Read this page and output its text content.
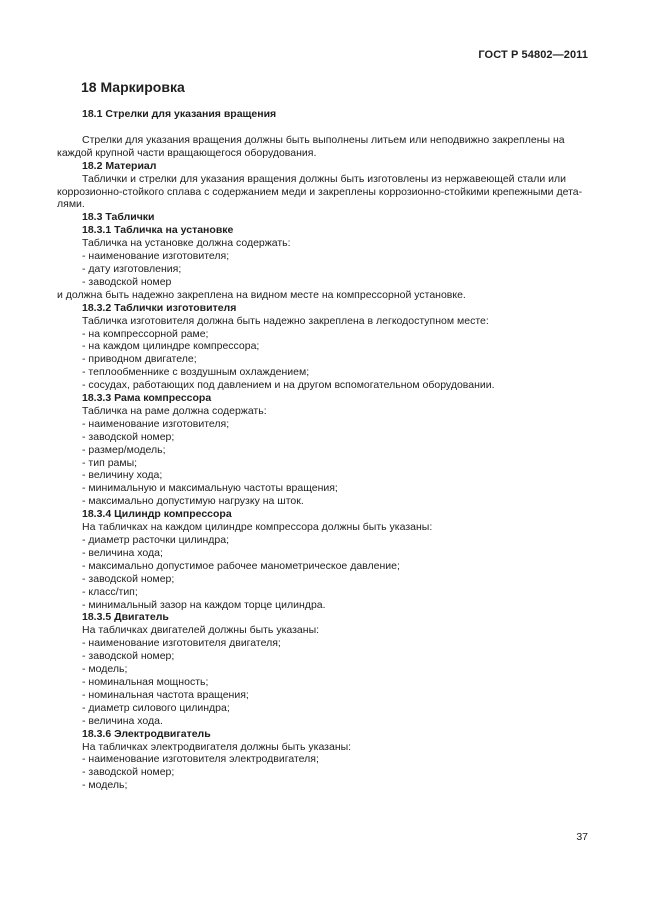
ГОСТ Р 54802—2011
18 Маркировка

18.1 Стрелки для указания вращения

Стрелки для указания вращения должны быть выполнены литьем или неподвижно закреплены на

каждой крупной части вращающегося оборудования.

18.2 Материал

Таблички и стрелки для указания вращения должны быть изготовлены из нержавеющей стали или

коррозионно-стойкого сплава с содержанием меди и закреплены коррозионно-стойкими крепежными дета-

лями.

18.3 Таблички

18.3.1 Табличка на установке

Табличка на установке должна содержать:

- наименование изготовителя;

- дату изготовления;

- заводской номер

и должна быть надежно закреплена на видном месте на компрессорной установке.

18.3.2 Таблички изготовителя

Табличка изготовителя должна быть надежно закреплена в легкодоступном месте:

- на компрессорной раме;

- на каждом цилиндре компрессора;

- приводном двигателе;

- теплообменнике с воздушным охлаждением;

- сосудах, работающих под давлением и на другом вспомогательном оборудовании.

18.3.3 Рама компрессора

Табличка на раме должна содержать:

- наименование изготовителя;

- заводской номер;

- размер/модель;

- тип рамы;

- величину хода;

- минимальную и максимальную частоты вращения;

- максимально допустимую нагрузку на шток.

18.3.4 Цилиндр компрессора

На табличках на каждом цилиндре компрессора должны быть указаны:

- диаметр расточки цилиндра;

- величина хода;

- максимально допустимое рабочее манометрическое давление;

- заводской номер;

- класс/тип;

- минимальный зазор на каждом торце цилиндра.

18.3.5 Двигатель

На табличках двигателей должны быть указаны:

- наименование изготовителя двигателя;

- заводской номер;

- модель;

- номинальная мощность;

- номинальная частота вращения;

- диаметр силового цилиндра;

- величина хода.

18.3.6 Электродвигатель

На табличках электродвигателя должны быть указаны:

- наименование изготовителя электродвигателя;

- заводской номер;

- модель;

37
